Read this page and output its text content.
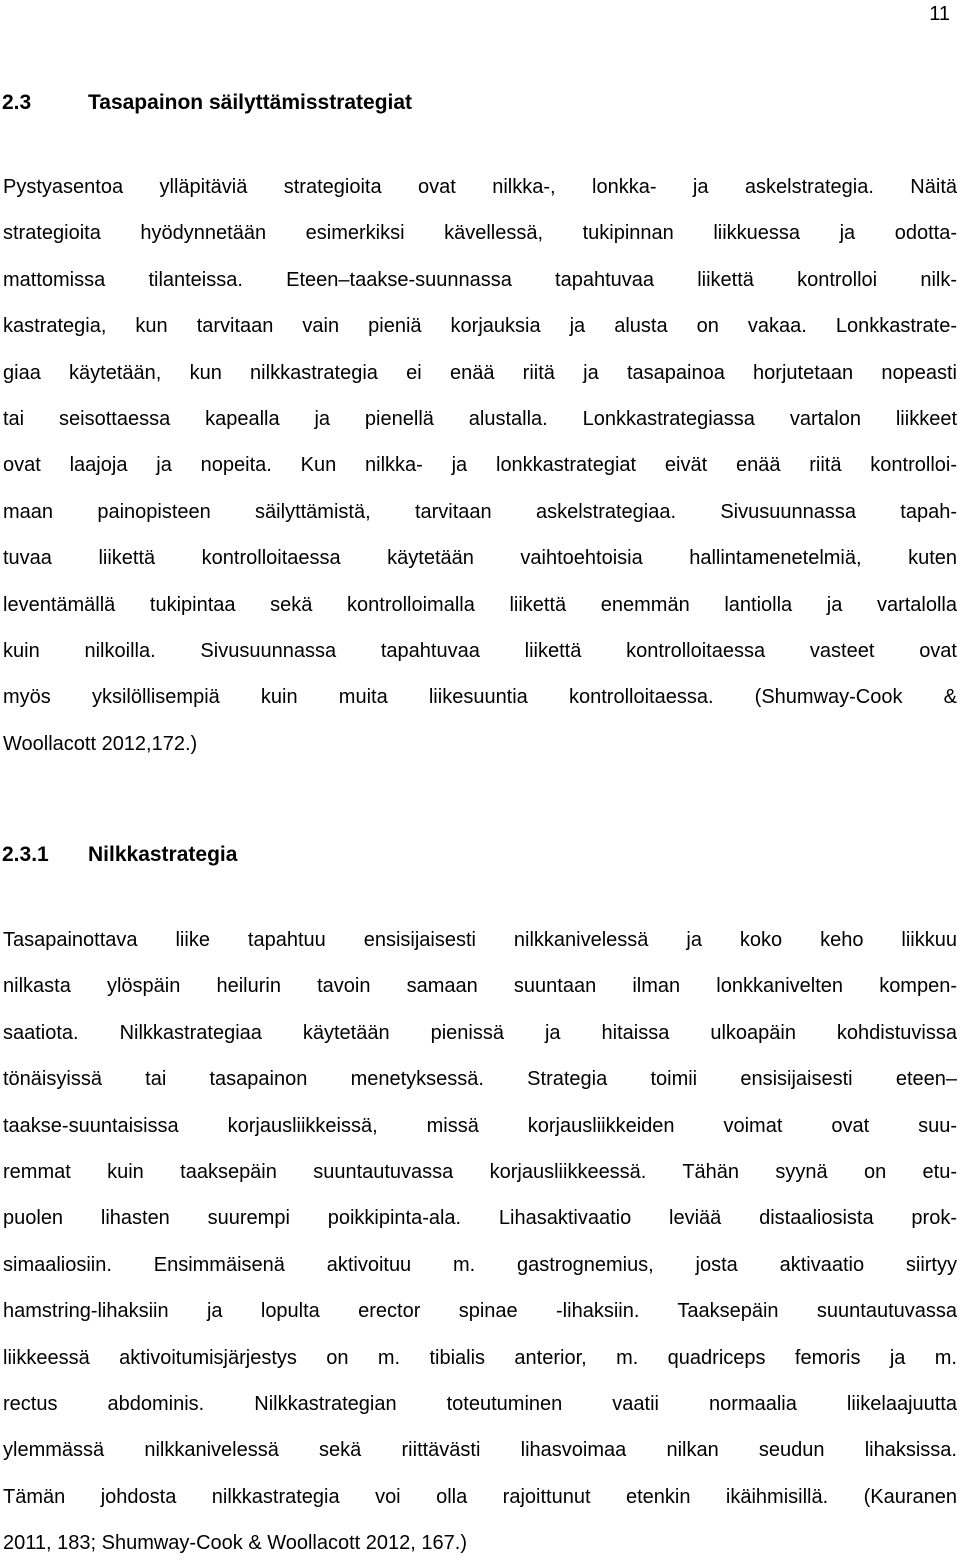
11
2.3	Tasapainon säilyttämisstrategiat
Pystyasentoa ylläpitäviä strategioita ovat nilkka-, lonkka- ja askelstrategia. Näitä
strategioita hyödynnetään esimerkiksi kävellessä, tukipinnan liikkuessa ja odotta-
mattomissa tilanteissa. Eteen–taakse-suunnassa tapahtuvaa liikettä kontrolloi nilk-
kastrategia, kun tarvitaan vain pieniä korjauksia ja alusta on vakaa. Lonkkastrate-
giaa käytetään, kun nilkkastrategia ei enää riitä ja tasapainoa horjutetaan nopeasti
tai seisottaessa kapealla ja pienellä alustalla. Lonkkastrategiassa vartalon liikkeet
ovat laajoja ja nopeita. Kun nilkka- ja lonkkastrategiat eivät enää riitä kontrolloi-
maan painopisteen säilyttämistä, tarvitaan askelstrategiaa. Sivusuunnassa tapah-
tuvaa liikettä kontrolloitaessa käytetään vaihtoehtoisia hallintamenetelmiä, kuten
leventämällä tukipintaa sekä kontrolloimalla liikettä enemmän lantiolla ja vartalolla
kuin nilkoilla. Sivusuunnassa tapahtuvaa liikettä kontrolloitaessa vasteet ovat
myös yksilöllisempiä kuin muita liikesuuntia kontrolloitaessa. (Shumway-Cook &
Woollacott 2012,172.)
2.3.1 Nilkkastrategia
Tasapainottava liike tapahtuu ensisijaisesti nilkkanivelessä ja koko keho liikkuu
nilkasta ylöspäin heilurin tavoin samaan suuntaan ilman lonkkanivelten kompen-
saatiota. Nilkkastrategiaa käytetään pienissä ja hitaissa ulkoapäin kohdistuvissa
tönäisyissä tai tasapainon menetyksessä. Strategia toimii ensisijaisesti eteen–
taakse-suuntaisissa korjausliikkeissä, missä korjausliikkeiden voimat ovat suu-
remmat kuin taaksepäin suuntautuvassa korjausliikkeessä. Tähän syynä on etu-
puolen lihasten suurempi poikkipinta-ala. Lihasaktivaatio leviää distaaliosista prok-
simaaliosiin. Ensimmäisenä aktivoituu m. gastrognemius, josta aktivaatio siirtyy
hamstring-lihaksiin ja lopulta erector spinae -lihaksiin. Taaksepäin suuntautuvassa
liikkeessä aktivoitumisjärjestys on m. tibialis anterior, m. quadriceps femoris ja m.
rectus abdominis. Nilkkastrategian toteutuminen vaatii normaalia liikelaajuutta
ylemmässä nilkkanivelessä sekä riittävästi lihasvoimaa nilkan seudun lihaksissa.
Tämän johdosta nilkkastrategia voi olla rajoittunut etenkin ikäihmisillä. (Kauranen
2011, 183; Shumway-Cook & Woollacott 2012, 167.)
